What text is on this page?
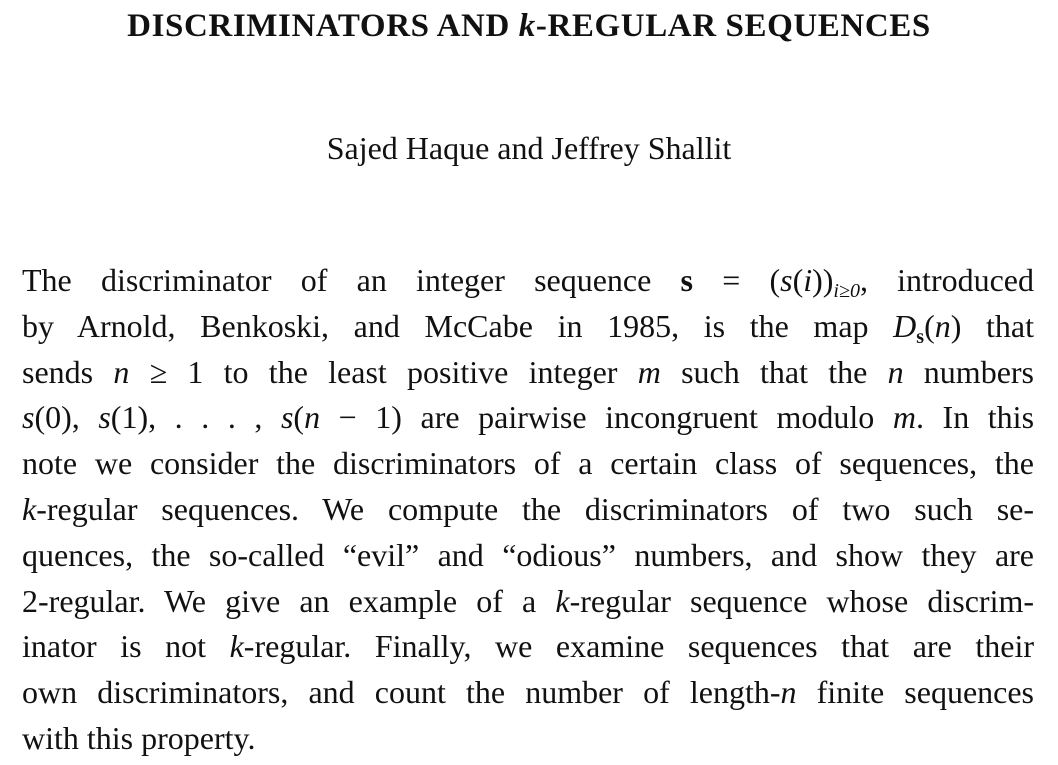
DISCRIMINATORS AND k-REGULAR SEQUENCES
Sajed Haque and Jeffrey Shallit
The discriminator of an integer sequence $s = (s(i))_{i\ge 0}$, introduced
by Arnold, Benkoski, and McCabe in 1985, is the map $D_s(n)$ that
sends n ≥ 1 to the least positive integer m such that the n numbers
s(0), s(1), . . . , s(n − 1) are pairwise incongruent modulo m. In this
note we consider the discriminators of a certain class of sequences, the
k-regular sequences. We compute the discriminators of two such se-
quences, the so-called “evil” and “odious” numbers, and show they are
2-regular. We give an example of a k-regular sequence whose discrim-
inator is not k-regular. Finally, we examine sequences that are their
own discriminators, and count the number of length-n finite sequences
with this property.
